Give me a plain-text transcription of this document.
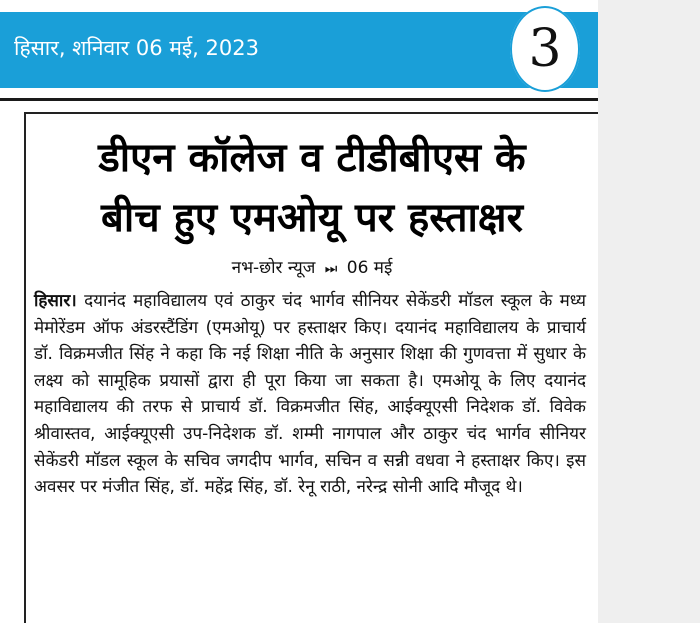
हिसार, शनिवार 06 मई, 2023	3
डीएन कॉलेज व टीडीबीएस के
बीच हुए एमओयू पर हस्ताक्षर
नभ-छोर न्यूज ⏭ 06 मई
हिसार। दयानंद महाविद्यालय एवं ठाकुर चंद भार्गव सीनियर सेकेंडरी मॉडल स्कूल के मध्य मेमोरेंडम ऑफ अंडरस्टैंडिंग (एमओयू) पर हस्ताक्षर किए। दयानंद महाविद्यालय के प्राचार्य डॉ. विक्रमजीत सिंह ने कहा कि नई शिक्षा नीति के अनुसार शिक्षा की गुणवत्ता में सुधार के लक्ष्य को सामूहिक प्रयासों द्वारा ही पूरा किया जा सकता है। एमओयू के लिए दयानंद महाविद्यालय की तरफ से प्राचार्य डॉ. विक्रमजीत सिंह, आईक्यूएसी निदेशक डॉ. विवेक श्रीवास्तव, आईक्यूएसी उप-निदेशक डॉ. शम्मी नागपाल और ठाकुर चंद भार्गव सीनियर सेकेंडरी मॉडल स्कूल के सचिव जगदीप भार्गव, सचिन व सन्नी वधवा ने हस्ताक्षर किए। इस अवसर पर मंजीत सिंह, डॉ. महेंद्र सिंह, डॉ. रेनू राठी, नरेन्द्र सोनी आदि मौजूद थे।
